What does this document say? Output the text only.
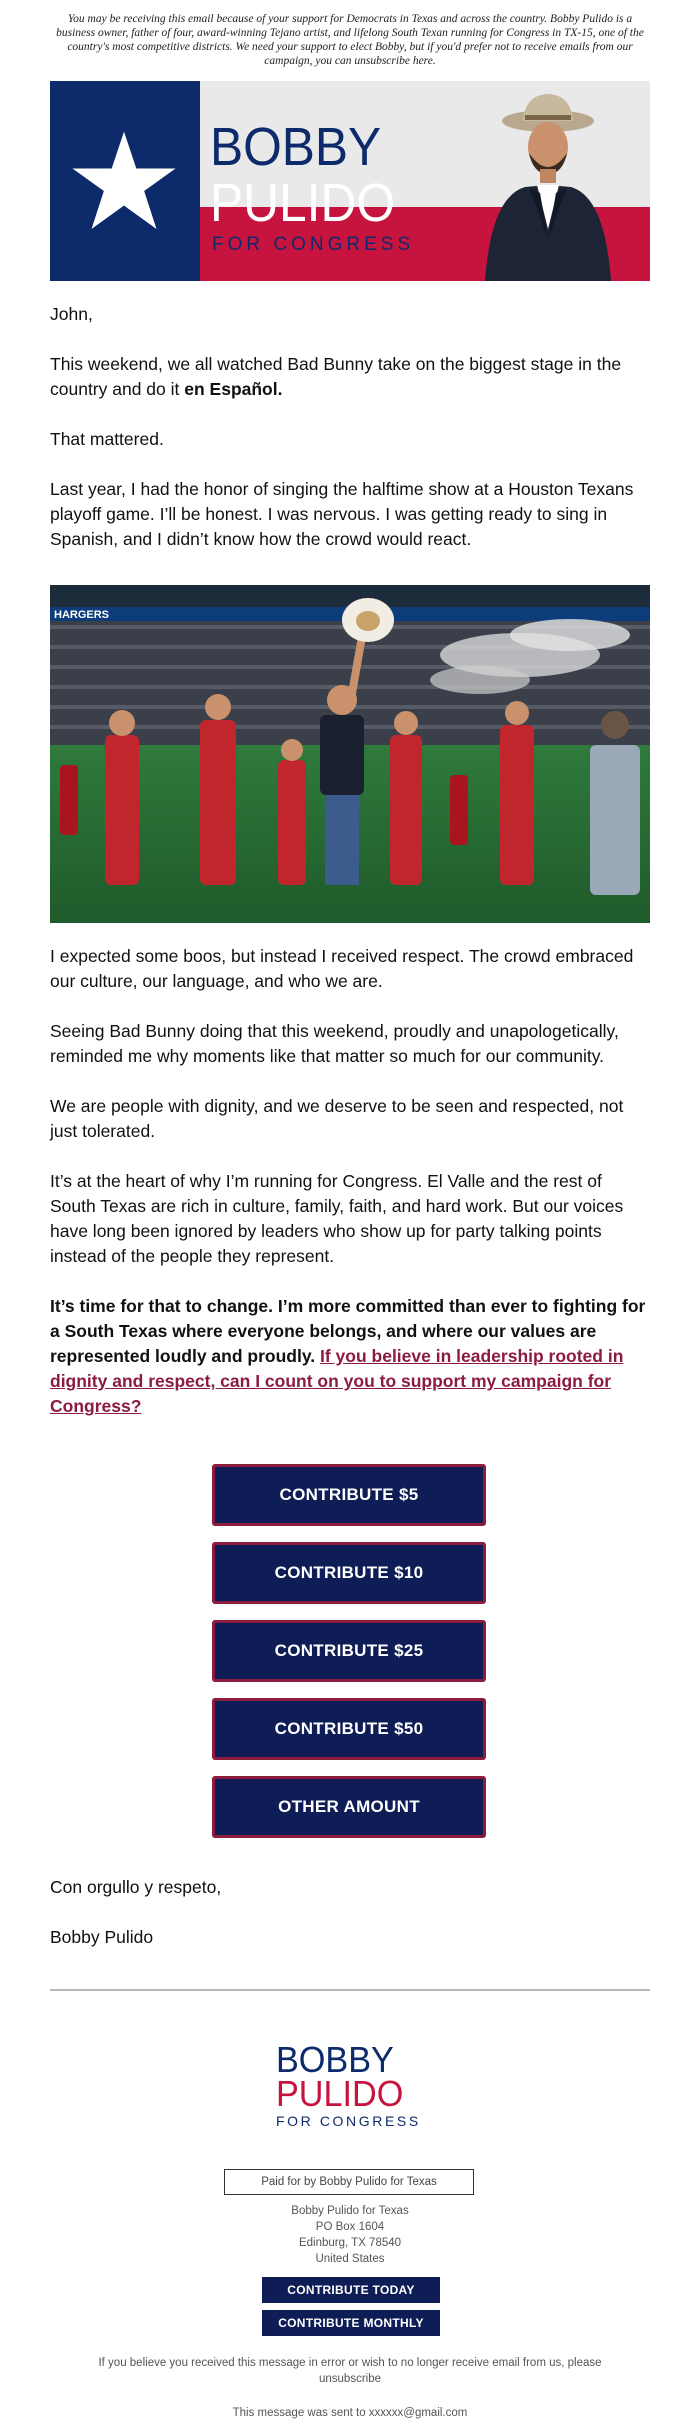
You may be receiving this email because of your support for Democrats in Texas and across the country. Bobby Pulido is a business owner, father of four, award-winning Tejano artist, and lifelong South Texan running for Congress in TX-15, one of the country's most competitive districts. We need your support to elect Bobby, but if you'd prefer not to receive emails from our campaign, you can unsubscribe here.
BOBBY
PULIDO
FOR CONGRESS
John,
This weekend, we all watched Bad Bunny take on the biggest stage in the country and do it en Español.
That mattered.
Last year, I had the honor of singing the halftime show at a Houston Texans playoff game. I’ll be honest. I was nervous. I was getting ready to sing in Spanish, and I didn’t know how the crowd would react.
HARGERS
I expected some boos, but instead I received respect. The crowd embraced our culture, our language, and who we are.
Seeing Bad Bunny doing that this weekend, proudly and unapologetically, reminded me why moments like that matter so much for our community.
We are people with dignity, and we deserve to be seen and respected, not just tolerated.
It’s at the heart of why I’m running for Congress. El Valle and the rest of South Texas are rich in culture, family, faith, and hard work. But our voices have long been ignored by leaders who show up for party talking points instead of the people they represent.
It’s time for that to change. I’m more committed than ever to fighting for a South Texas where everyone belongs, and where our values are represented loudly and proudly. If you believe in leadership rooted in dignity and respect, can I count on you to support my campaign for Congress?
CONTRIBUTE $5
CONTRIBUTE $10
CONTRIBUTE $25
CONTRIBUTE $50
OTHER AMOUNT
Con orgullo y respeto,
Bobby Pulido
BOBBY
PULIDO
FOR CONGRESS
Paid for by Bobby Pulido for Texas
Bobby Pulido for Texas
PO Box 1604
Edinburg, TX 78540
United States
CONTRIBUTE TODAY
CONTRIBUTE MONTHLY
If you believe you received this message in error or wish to no longer receive email from us, please unsubscribe
This message was sent to xxxxxx@gmail.com
